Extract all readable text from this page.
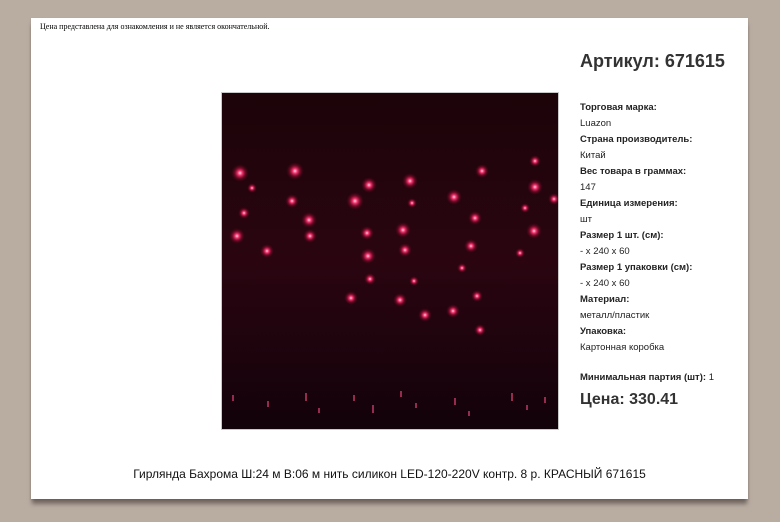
Цена представлена для ознакомления и не является окончательной.
Артикул: 671615
Торговая марка:
Luazon
Страна производитель:
Китай
Вес товара в граммах:
147
Единица измерения:
шт
Размер 1 шт. (см):
- х 240 х 60
Размер 1 упаковки (см):
- х 240 х 60
Материал:
металл/пластик
Упаковка:
Картонная коробка
Минимальная партия (шт): 1
Цена: 330.41
Гирлянда Бахрома Ш:24 м В:06 м нить силикон LED-120-220V контр. 8 р. КРАСНЫЙ 671615
